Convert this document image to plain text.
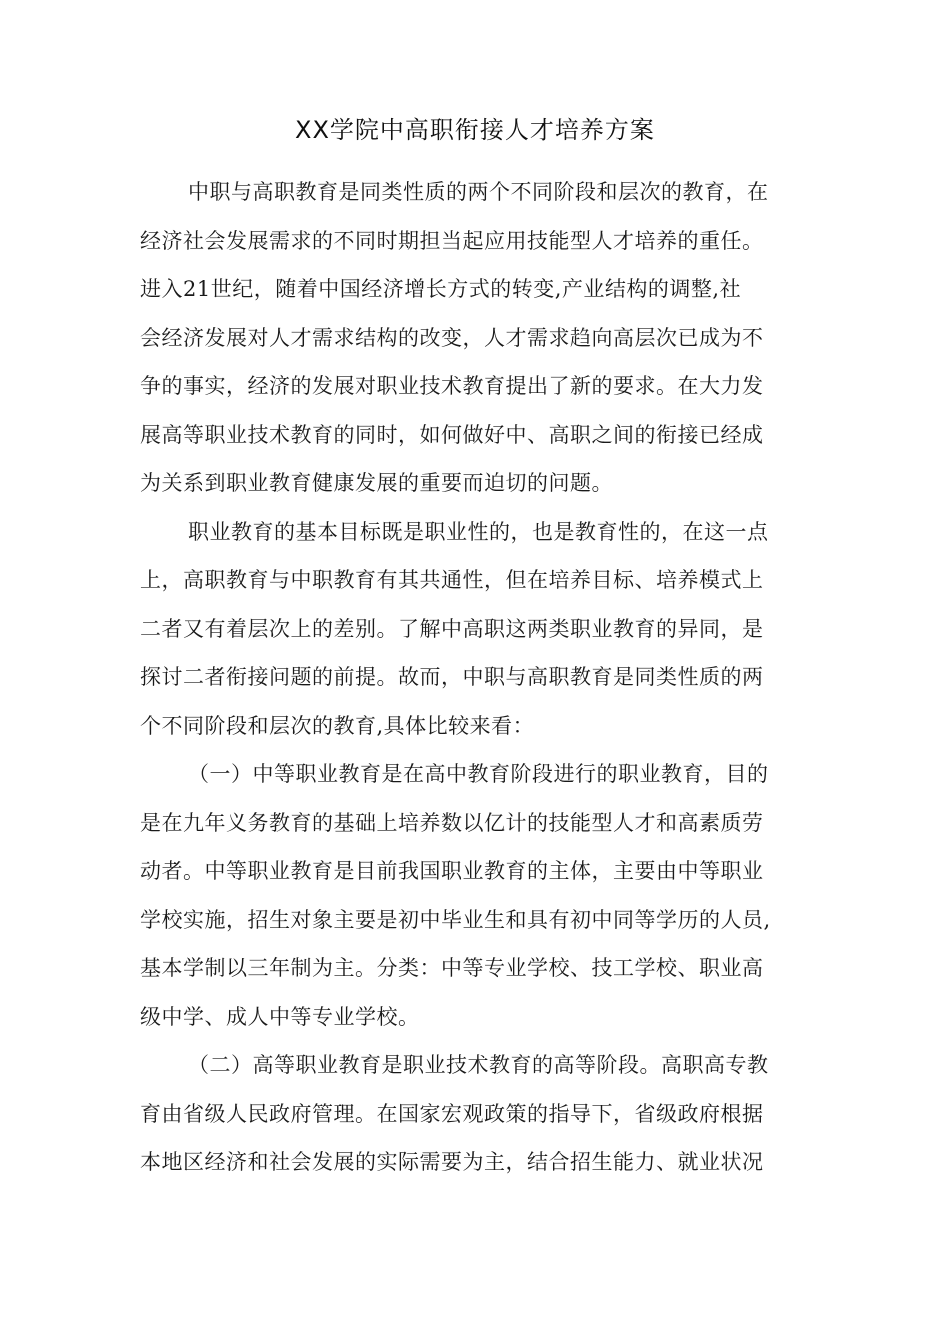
XX学院中高职衔接人才培养方案
中职与高职教育是同类性质的两个不同阶段和层次的教育，在
经济社会发展需求的不同时期担当起应用技能型人才培养的重任。
进入21世纪，随着中国经济增长方式的转变,产业结构的调整,社
会经济发展对人才需求结构的改变，人才需求趋向高层次已成为不
争的事实，经济的发展对职业技术教育提出了新的要求。在大力发
展高等职业技术教育的同时，如何做好中、高职之间的衔接已经成
为关系到职业教育健康发展的重要而迫切的问题。
职业教育的基本目标既是职业性的，也是教育性的，在这一点
上，高职教育与中职教育有其共通性，但在培养目标、培养模式上
二者又有着层次上的差别。了解中高职这两类职业教育的异同，是
探讨二者衔接问题的前提。故而，中职与高职教育是同类性质的两
个不同阶段和层次的教育,具体比较来看：
（一）中等职业教育是在高中教育阶段进行的职业教育，目的
是在九年义务教育的基础上培养数以亿计的技能型人才和高素质劳
动者。中等职业教育是目前我国职业教育的主体，主要由中等职业
学校实施，招生对象主要是初中毕业生和具有初中同等学历的人员,
基本学制以三年制为主。分类：中等专业学校、技工学校、职业高
级中学、成人中等专业学校。
（二）高等职业教育是职业技术教育的高等阶段。高职高专教
育由省级人民政府管理。在国家宏观政策的指导下，省级政府根据
本地区经济和社会发展的实际需要为主，结合招生能力、就业状况
